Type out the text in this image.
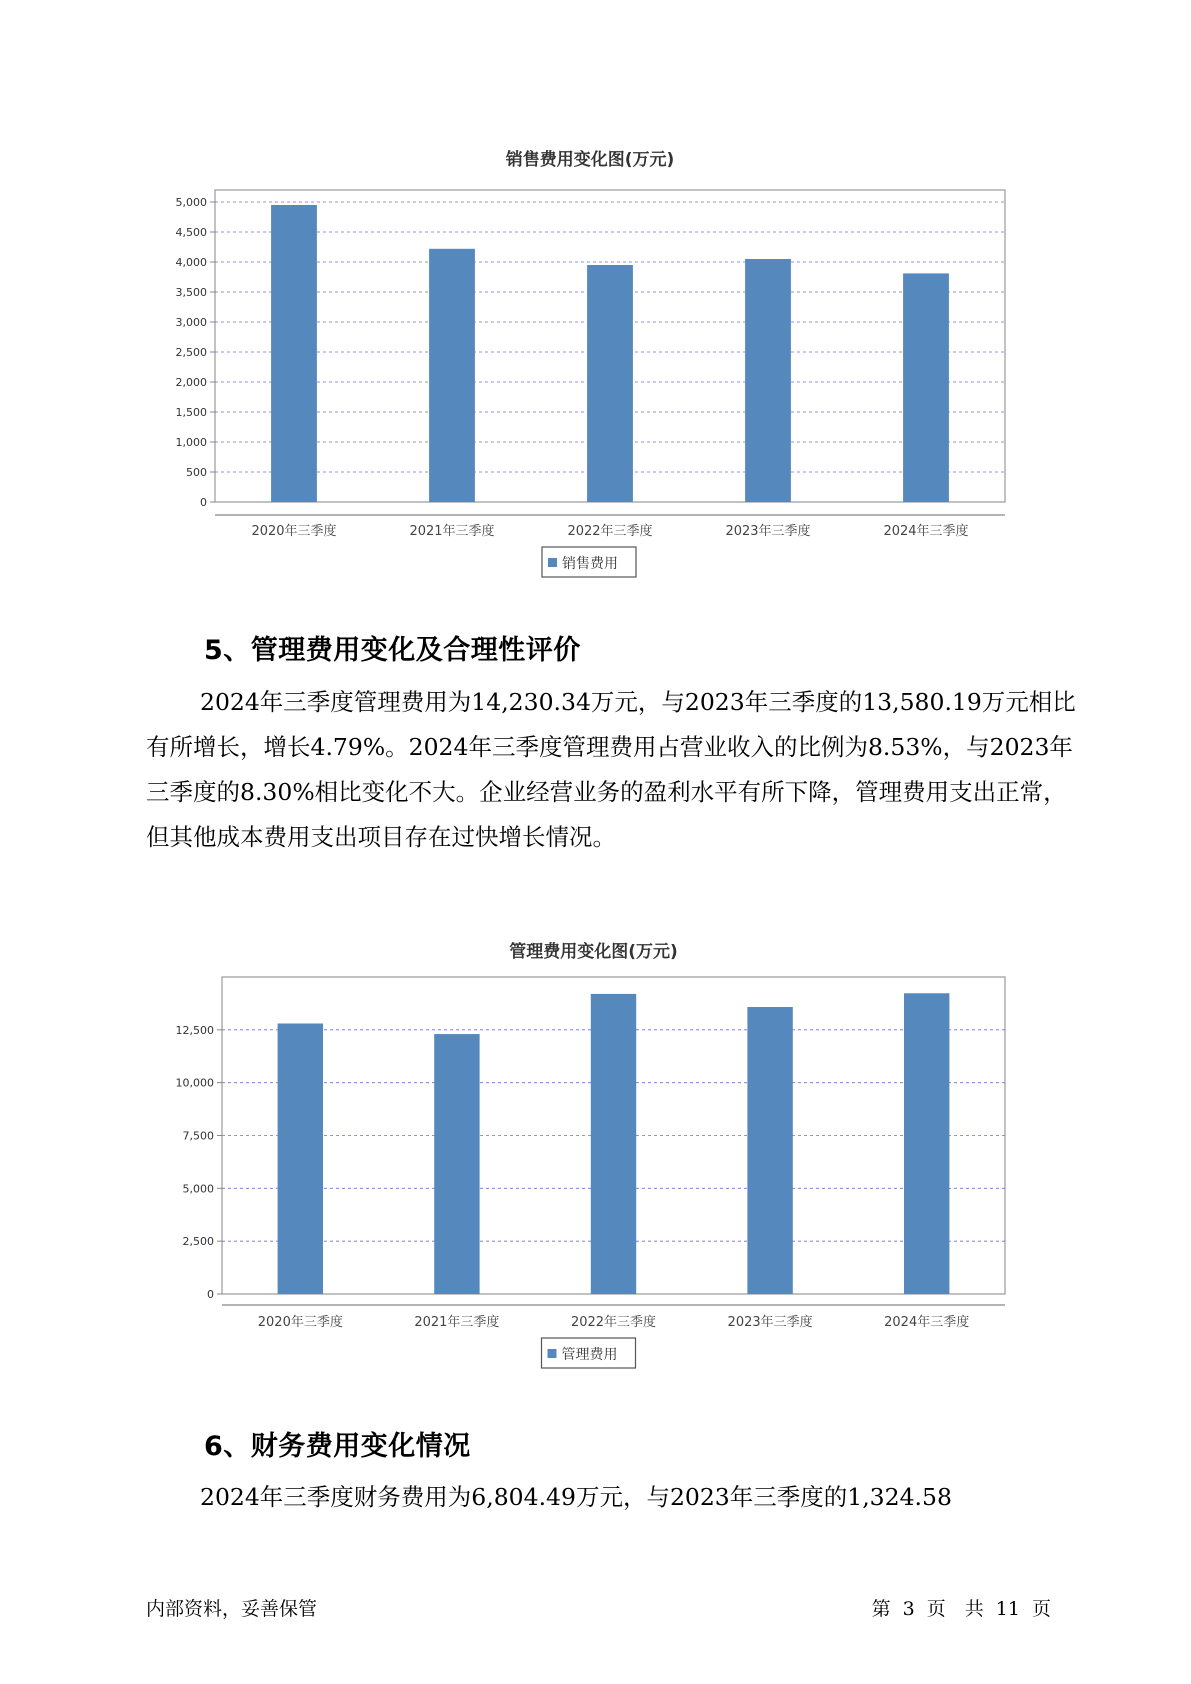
销售费用变化图(万元)
0
500
1,000
1,500
2,000
2,500
3,000
3,500
4,000
4,500
5,000
2020年三季度	2021年三季度	2022年三季度	2023年三季度	2024年三季度
销售费用
5、管理费用变化及合理性评价

2024年三季度管理费用为14,230.34万元，与2023年三季度的13,580.19万元相比有所增长，增长4.79%。2024年三季度管理费用占营业收入的比例为8.53%，与2023年三季度的8.30%相比变化不大。企业经营业务的盈利水平有所下降，管理费用支出正常，但其他成本费用支出项目存在过快增长情况。

管理费用变化图(万元)
0
2,500
5,000
7,500
10,000
12,500
2020年三季度	2021年三季度	2022年三季度	2023年三季度	2024年三季度
管理费用
6、财务费用变化情况

2024年三季度财务费用为6,804.49万元，与2023年三季度的1,324.58

内部资料，妥善保管	第 3 页　共 11 页
